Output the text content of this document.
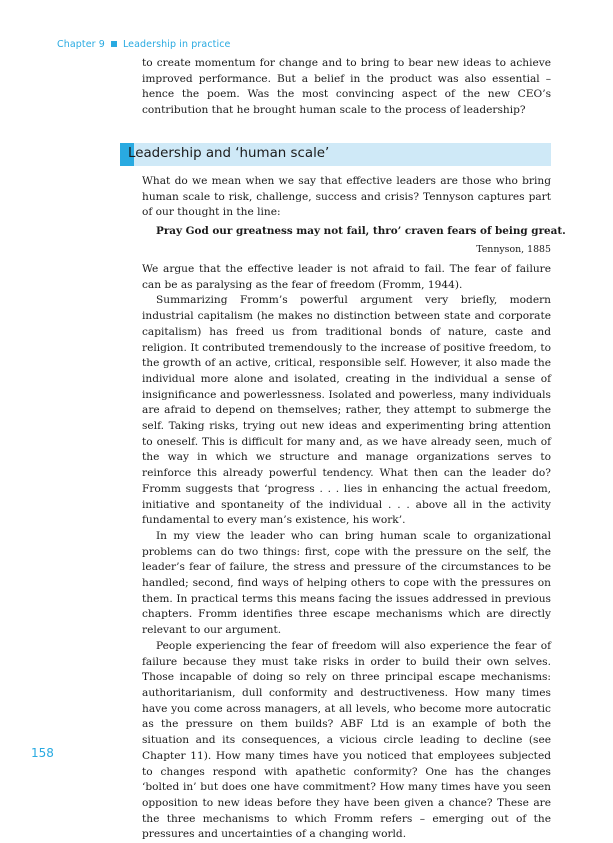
Chapter 9 Leadership in practice

to create momentum for change and to bring to bear new ideas to achieve improved performance. But a belief in the product was also essential – hence the poem. Was the most convincing aspect of the new CEO’s contribution that he brought human scale to the process of leadership?

Leadership and ‘human scale’

What do we mean when we say that effective leaders are those who bring human scale to risk, challenge, success and crisis? Tennyson captures part of our thought in the line:

Pray God our greatness may not fail, thro’ craven fears of being great.
Tennyson, 1885

We argue that the effective leader is not afraid to fail. The fear of failure can be as paralysing as the fear of freedom (Fromm, 1944).

Summarizing Fromm’s powerful argument very briefly, modern industrial capitalism (he makes no distinction between state and corporate capitalism) has freed us from traditional bonds of nature, caste and religion. It contributed tremendously to the increase of positive freedom, to the growth of an active, critical, responsible self. However, it also made the individual more alone and isolated, creating in the individual a sense of insignificance and powerlessness. Isolated and powerless, many individuals are afraid to depend on themselves; rather, they attempt to submerge the self. Taking risks, trying out new ideas and experimenting bring attention to oneself. This is difficult for many and, as we have already seen, much of the way in which we structure and manage organizations serves to reinforce this already powerful tendency. What then can the leader do? Fromm suggests that ‘progress . . . lies in enhancing the actual freedom, initiative and spontaneity of the individual . . . above all in the activity fundamental to every man’s existence, his work’.

In my view the leader who can bring human scale to organizational problems can do two things: first, cope with the pressure on the self, the leader’s fear of failure, the stress and pressure of the circumstances to be handled; second, find ways of helping others to cope with the pressures on them. In practical terms this means facing the issues addressed in previous chapters. Fromm identifies three escape mechanisms which are directly relevant to our argument.

People experiencing the fear of freedom will also experience the fear of failure because they must take risks in order to build their own selves. Those incapable of doing so rely on three principal escape mechanisms: authoritarianism, dull conformity and destructiveness. How many times have you come across managers, at all levels, who become more autocratic as the pressure on them builds? ABF Ltd is an example of both the situation and its consequences, a vicious circle leading to decline (see Chapter 11). How many times have you noticed that employees subjected to changes respond with apathetic conformity? One has the changes ‘bolted in’ but does one have commitment? How many times have you seen opposition to new ideas before they have been given a chance? These are the three mechanisms to which Fromm refers – emerging out of the pressures and uncertainties of a changing world.

158
